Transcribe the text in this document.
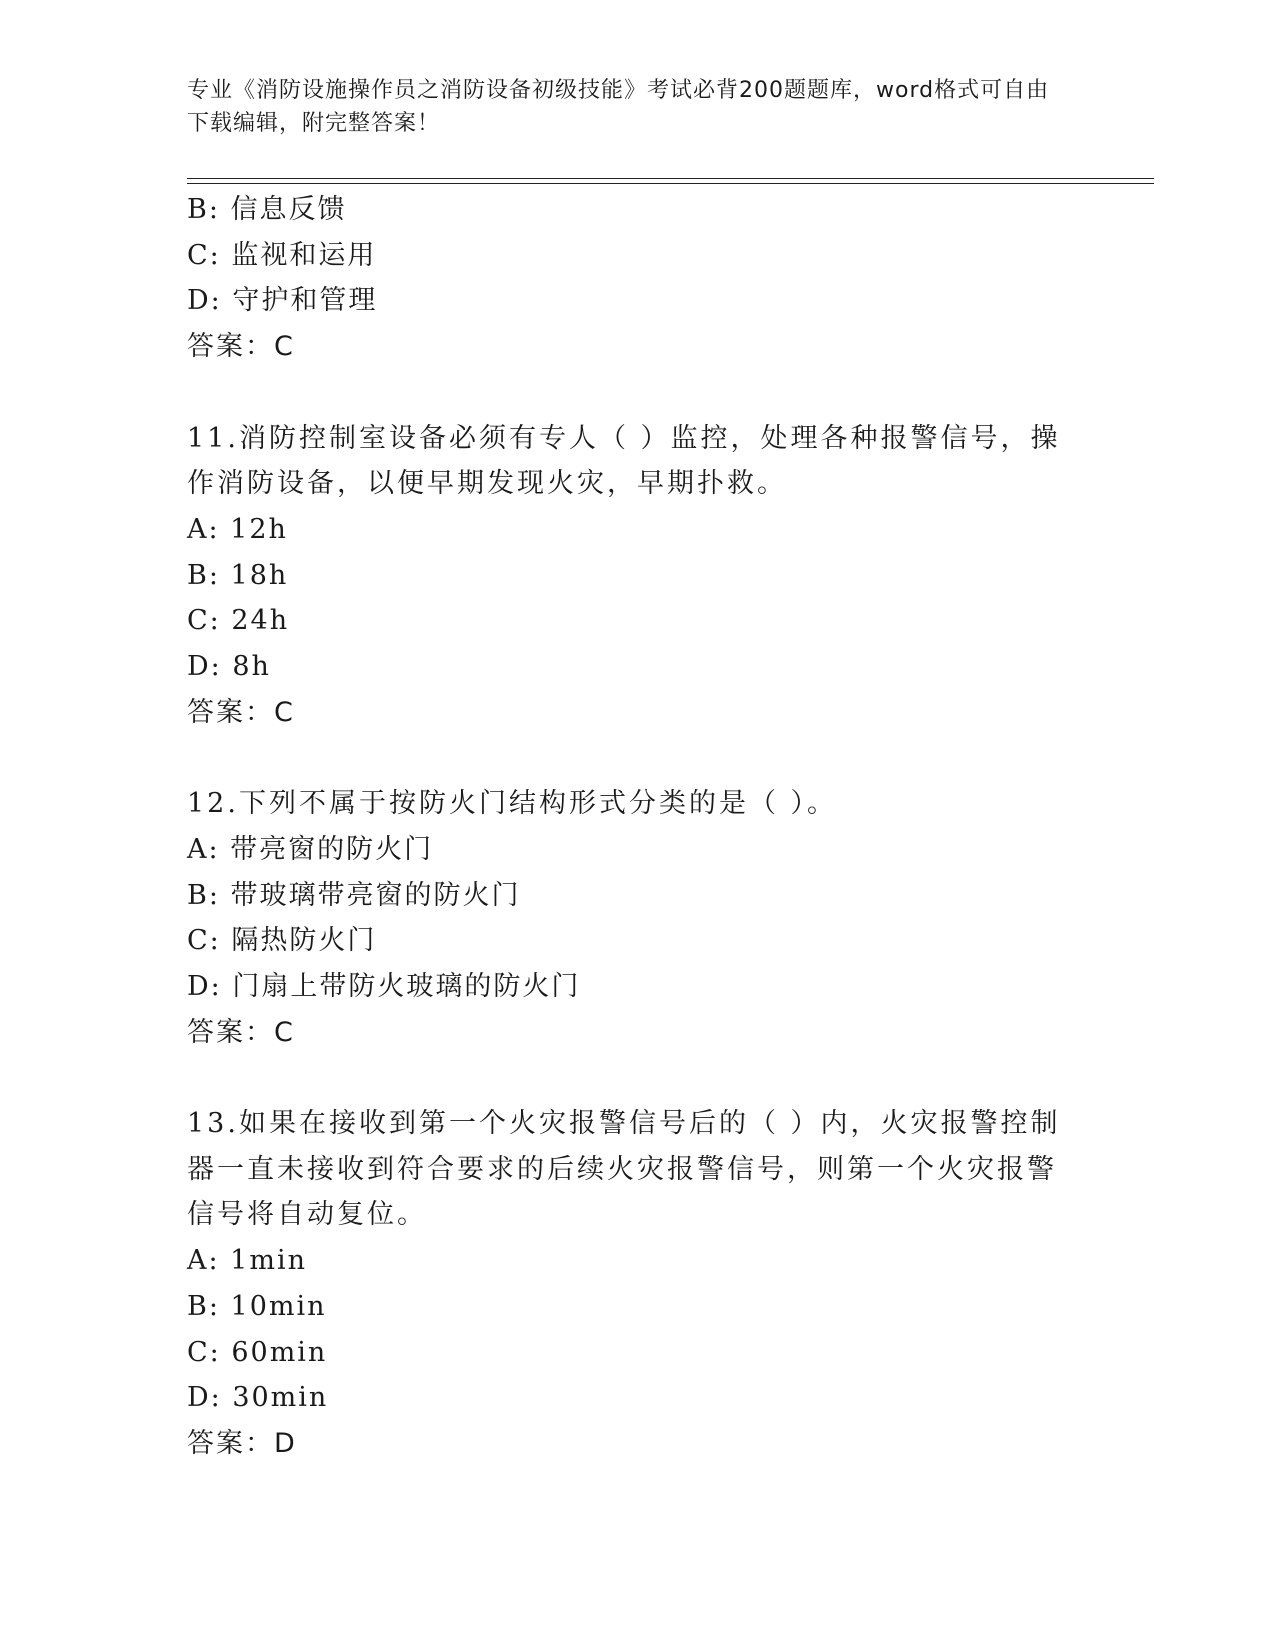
专业《消防设施操作员之消防设备初级技能》考试必背200题题库，word格式可自由下载编辑，附完整答案！
B: 信息反馈
C: 监视和运用
D: 守护和管理
答案：C
11.消防控制室设备必须有专人（ ）监控，处理各种报警信号，操作消防设备，以便早期发现火灾，早期扑救。
A: 12h
B: 18h
C: 24h
D: 8h
答案：C
12.下列不属于按防火门结构形式分类的是（ ）。
A: 带亮窗的防火门
B: 带玻璃带亮窗的防火门
C: 隔热防火门
D: 门扇上带防火玻璃的防火门
答案：C
13.如果在接收到第一个火灾报警信号后的（ ）内，火灾报警控制器一直未接收到符合要求的后续火灾报警信号，则第一个火灾报警信号将自动复位。
A: 1min
B: 10min
C: 60min
D: 30min
答案：D
